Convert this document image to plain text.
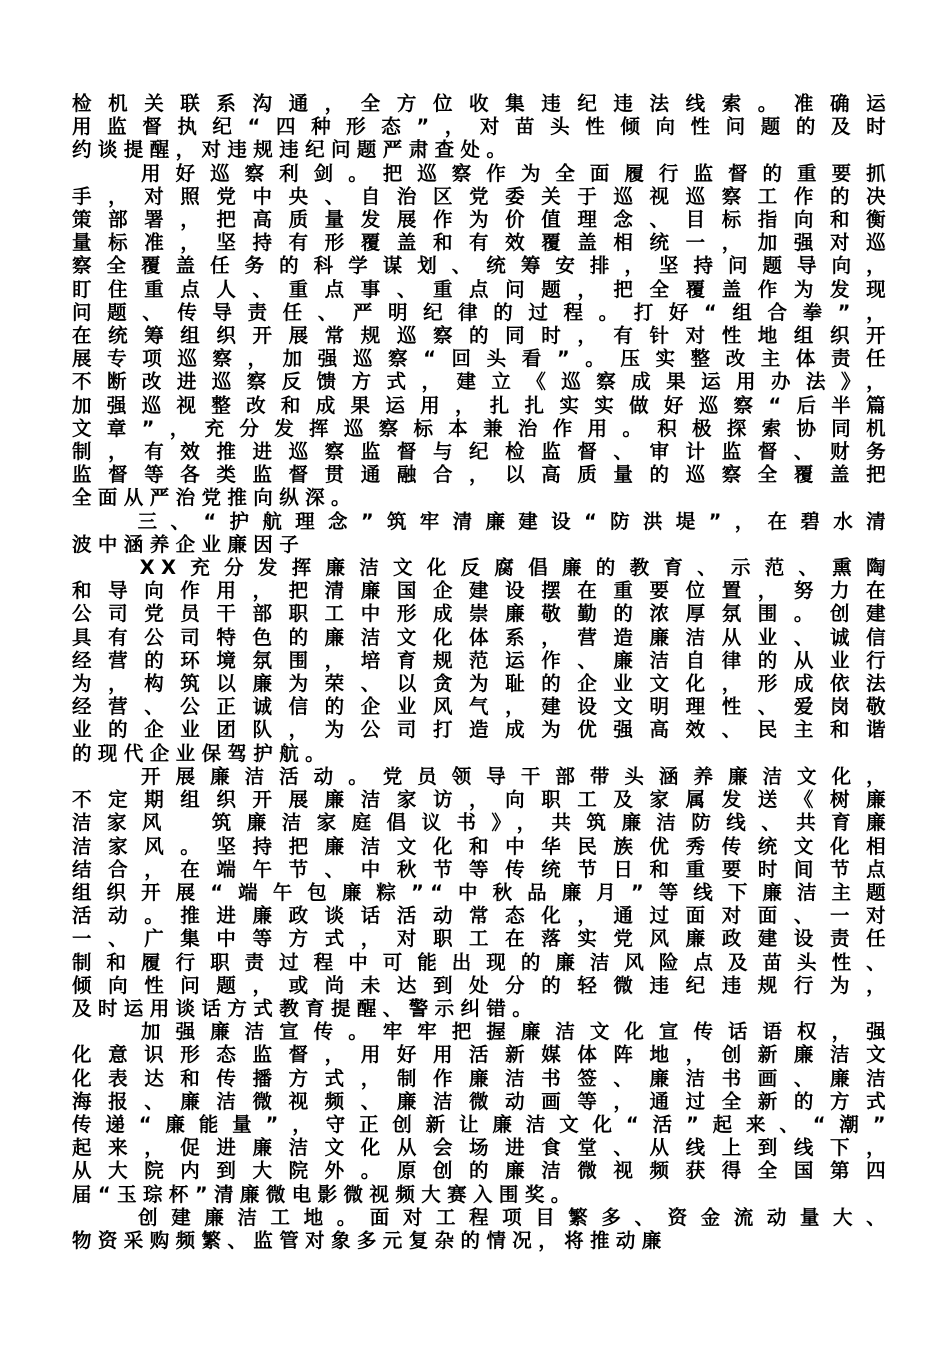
检机关联系沟通，全方位收集违纪违法线索。准确运
用监督执纪“四种形态”，对苗头性倾向性问题的及时
约谈提醒，对违规违纪问题严肃查处。
　　用好巡察利剑。把巡察作为全面履行监督的重要抓
手，对照党中央、自治区党委关于巡视巡察工作的决
策部署，把高质量发展作为价值理念、目标指向和衡
量标准，坚持有形覆盖和有效覆盖相统一，加强对巡
察全覆盖任务的科学谋划、统筹安排，坚持问题导向，
盯住重点人、重点事、重点问题，把全覆盖作为发现
问题、传导责任、严明纪律的过程。打好“组合拳”，
在统筹组织开展常规巡察的同时，有针对性地组织开
展专项巡察，加强巡察“回头看”。压实整改主体责任
不断改进巡察反馈方式，建立《巡察成果运用办法》，
加强巡视整改和成果运用，扎扎实实做好巡察“后半篇
文章”，充分发挥巡察标本兼治作用。积极探索协同机
制，有效推进巡察监督与纪检监督、审计监督、财务
监督等各类监督贯通融合，以高质量的巡察全覆盖把
全面从严治党推向纵深。
　　三、“护航理念”筑牢清廉建设“防洪堤”，在碧水清
波中涵养企业廉因子
　　XX充分发挥廉洁文化反腐倡廉的教育、示范、熏陶
和导向作用，把清廉国企建设摆在重要位置，努力在
公司党员干部职工中形成崇廉敬勤的浓厚氛围。创建
具有公司特色的廉洁文化体系，营造廉洁从业、诚信
经营的环境氛围，培育规范运作、廉洁自律的从业行
为，构筑以廉为荣、以贪为耻的企业文化，形成依法
经营、公正诚信的企业风气，建设文明理性、爱岗敬
业的企业团队，为公司打造成为优强高效、民主和谐
的现代企业保驾护航。
　　开展廉洁活动。党员领导干部带头涵养廉洁文化，
不定期组织开展廉洁家访，向职工及家属发送《树廉
洁家风　筑廉洁家庭倡议书》，共筑廉洁防线、共育廉
洁家风。坚持把廉洁文化和中华民族优秀传统文化相
结合，在端午节、中秋节等传统节日和重要时间节点
组织开展“端午包廉粽”“中秋品廉月”等线下廉洁主题
活动。推进廉政谈话活动常态化，通过面对面、一对
一、广集中等方式，对职工在落实党风廉政建设责任
制和履行职责过程中可能出现的廉洁风险点及苗头性、
倾向性问题，或尚未达到处分的轻微违纪违规行为，
及时运用谈话方式教育提醒、警示纠错。
　　加强廉洁宣传。牢牢把握廉洁文化宣传话语权，强
化意识形态监督，用好用活新媒体阵地，创新廉洁文
化表达和传播方式，制作廉洁书签、廉洁书画、廉洁
海报、廉洁微视频、廉洁微动画等，通过全新的方式
传递“廉能量”，守正创新让廉洁文化“活”起来、“潮”
起来，促进廉洁文化从会场进食堂、从线上到线下，
从大院内到大院外。原创的廉洁微视频获得全国第四
届“玉琮杯”清廉微电影微视频大赛入围奖。
　　创建廉洁工地。面对工程项目繁多、资金流动量大、
物资采购频繁、监管对象多元复杂的情况，将推动廉
